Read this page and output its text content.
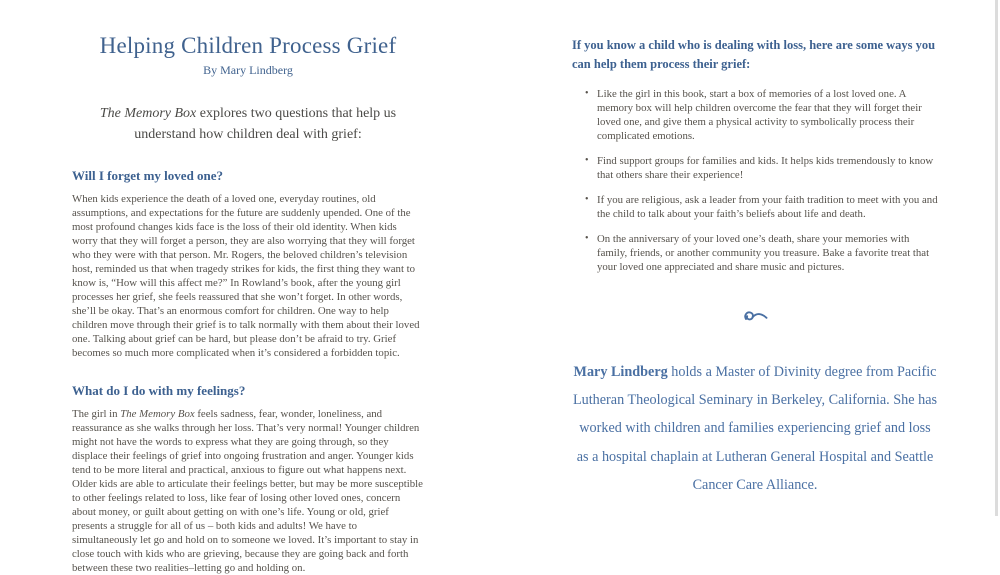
Helping Children Process Grief
By Mary Lindberg

The Memory Box explores two questions that help us understand how children deal with grief:

Will I forget my loved one?

When kids experience the death of a loved one, everyday routines, old assumptions, and expectations for the future are suddenly upended. One of the most profound changes kids face is the loss of their old identity. When kids worry that they will forget a person, they are also worrying that they will forget who they were with that person. Mr. Rogers, the beloved children’s television host, reminded us that when tragedy strikes for kids, the first thing they want to know is, “How will this affect me?” In Rowland’s book, after the young girl processes her grief, she feels reassured that she won’t forget. In other words, she’ll be okay. That’s an enormous comfort for children. One way to help children move through their grief is to talk normally with them about their loved one. Talking about grief can be hard, but please don’t be afraid to try. Grief becomes so much more complicated when it’s considered a forbidden topic.

What do I do with my feelings?

The girl in The Memory Box feels sadness, fear, wonder, loneliness, and reassurance as she walks through her loss. That’s very normal! Younger children might not have the words to express what they are going through, so they displace their feelings of grief into ongoing frustration and anger. Younger kids tend to be more literal and practical, anxious to figure out what happens next. Older kids are able to articulate their feelings better, but may be more susceptible to other feelings related to loss, like fear of losing other loved ones, concern about money, or guilt about getting on with one’s life. Young or old, grief presents a struggle for all of us – both kids and adults! We have to simultaneously let go and hold on to someone we loved. It’s important to stay in close touch with kids who are grieving, because they are going back and forth between these two realities–letting go and holding on.

If you know a child who is dealing with loss, here are some ways you can help them process their grief:
• Like the girl in this book, start a box of memories of a lost loved one. A memory box will help children overcome the fear that they will forget their loved one, and give them a physical activity to symbolically process their complicated emotions.
• Find support groups for families and kids. It helps kids tremendously to know that others share their experience!
• If you are religious, ask a leader from your faith tradition to meet with you and the child to talk about your faith’s beliefs about life and death.
• On the anniversary of your loved one’s death, share your memories with family, friends, or another community you treasure. Bake a favorite treat that your loved one appreciated and share music and pictures.

Mary Lindberg holds a Master of Divinity degree from Pacific Lutheran Theological Seminary in Berkeley, California. She has worked with children and families experiencing grief and loss as a hospital chaplain at Lutheran General Hospital and Seattle Cancer Care Alliance.
